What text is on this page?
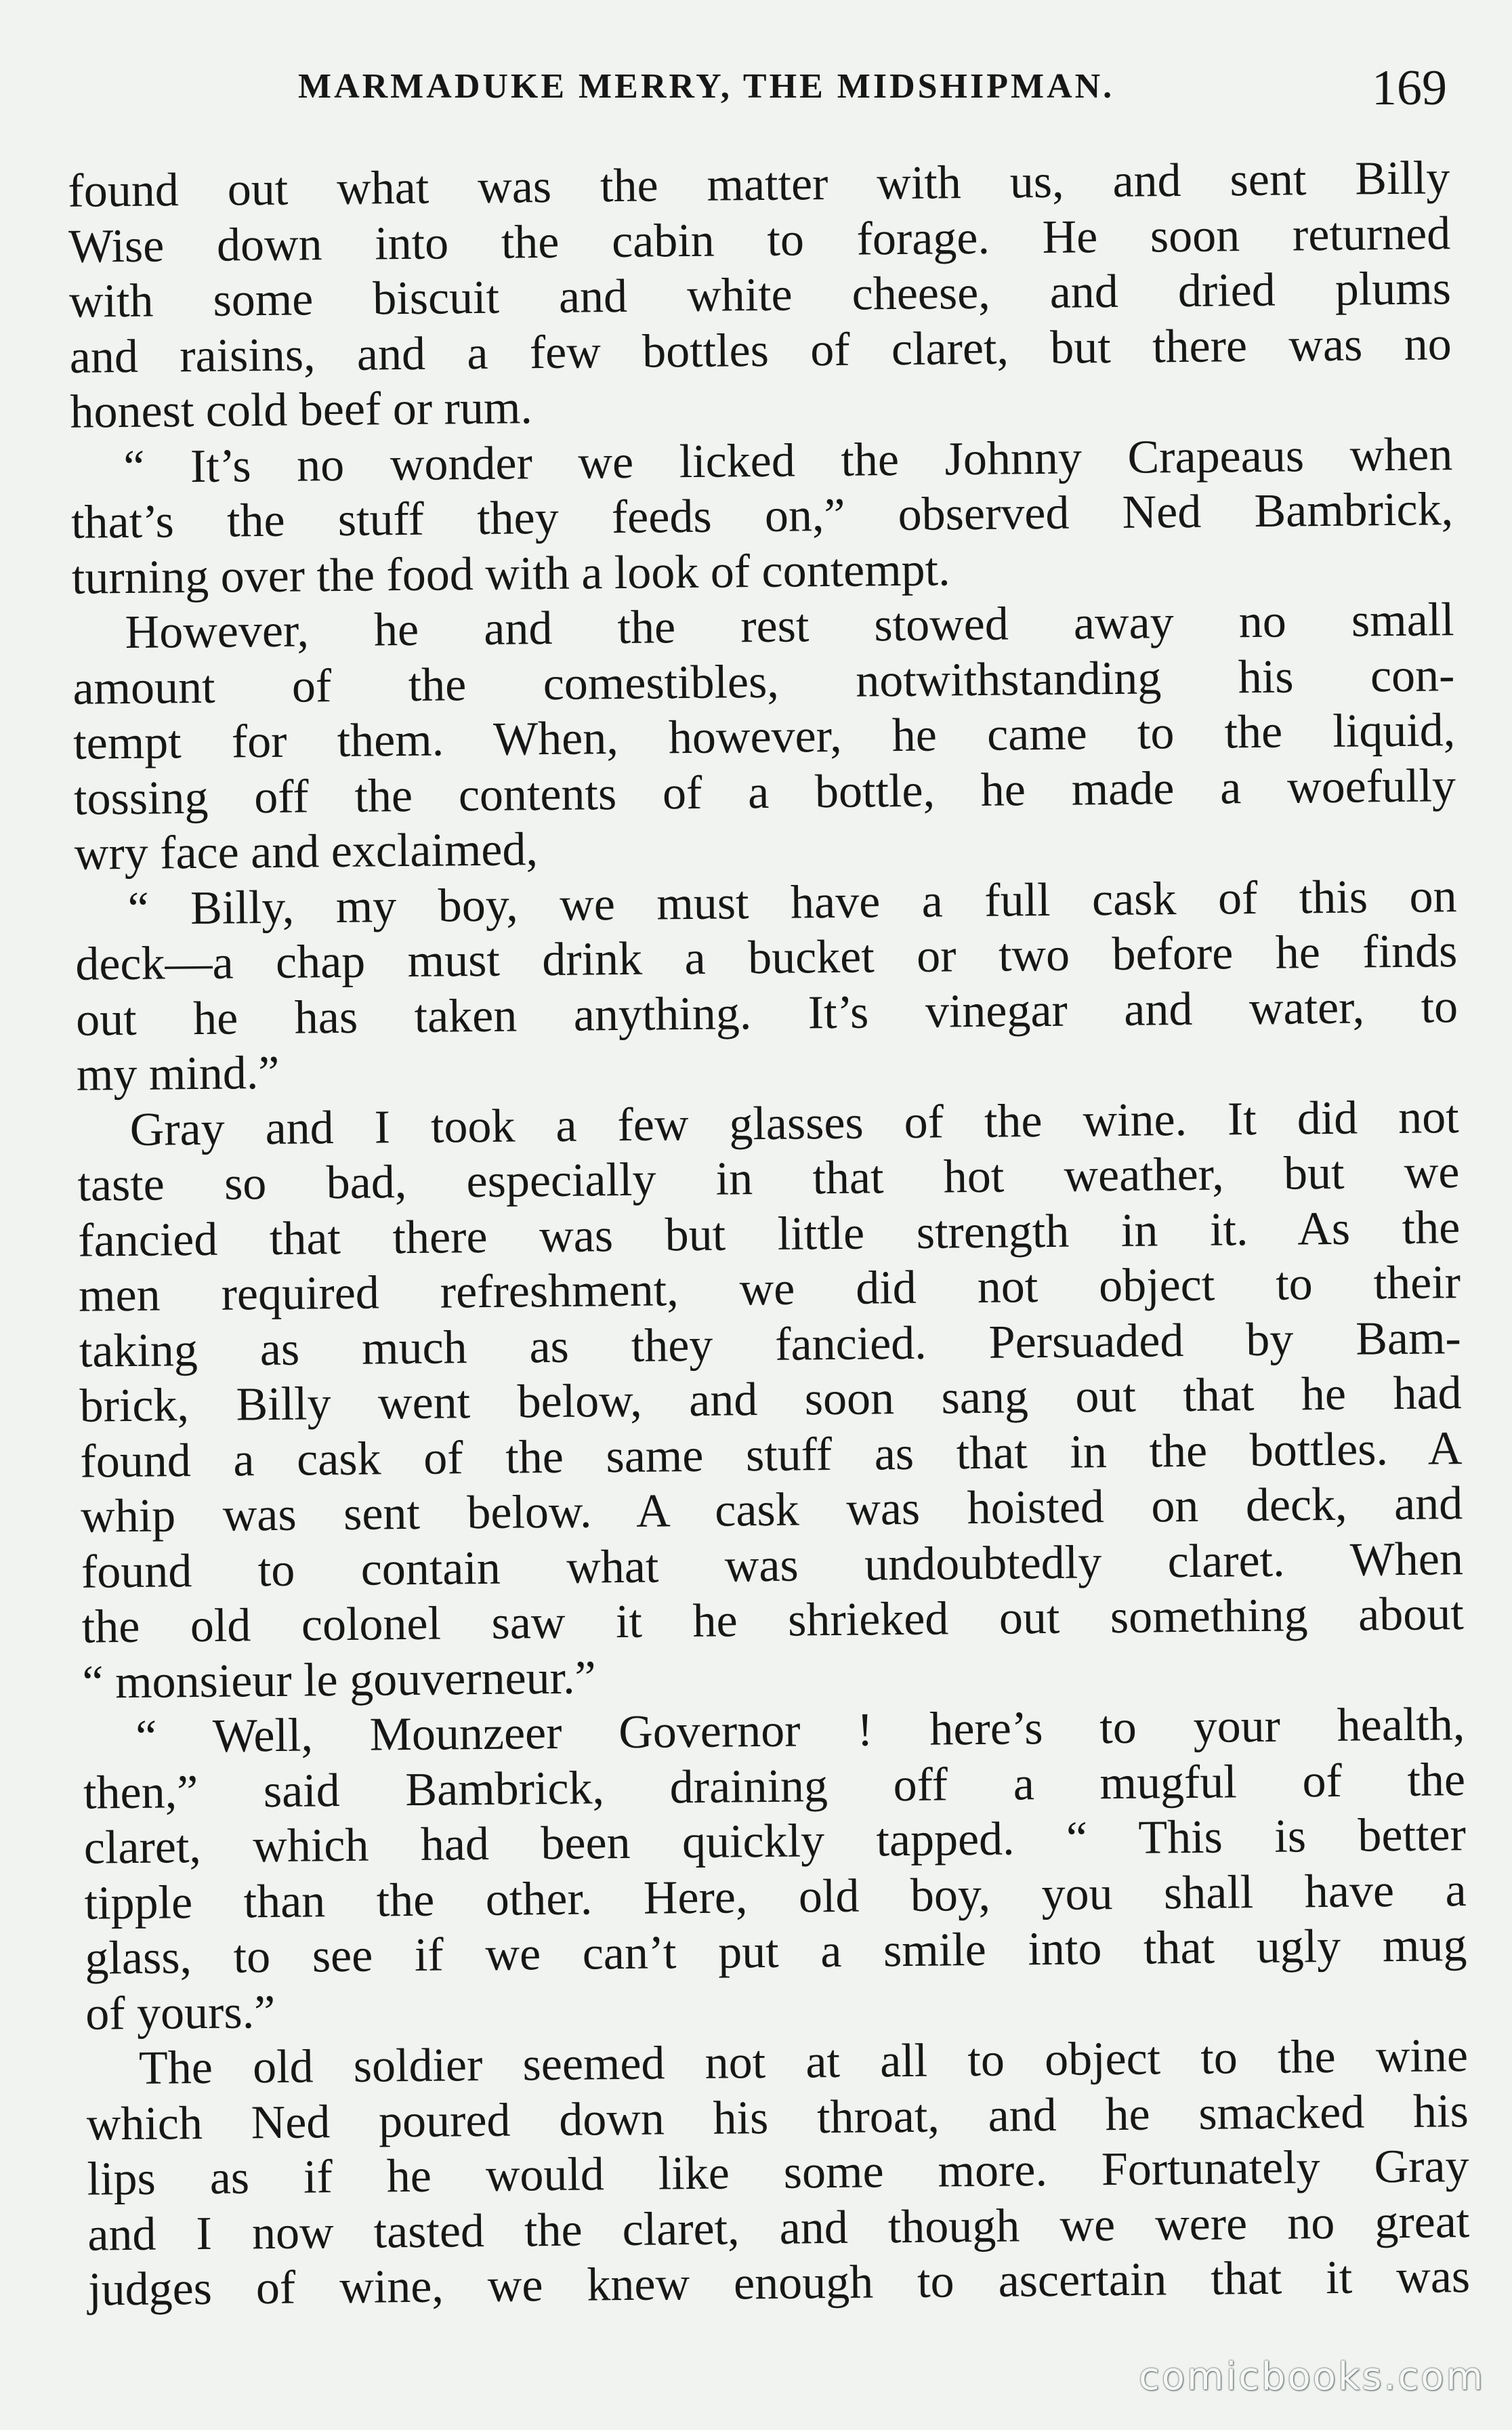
MARMADUKE MERRY, THE MIDSHIPMAN.	169
found out what was the matter with us, and sent Billy
Wise down into the cabin to forage. He soon returned
with some biscuit and white cheese, and dried plums
and raisins, and a few bottles of claret, but there was no
honest cold beef or rum.
“ It’s no wonder we licked the Johnny Crapeaus when
that’s the stuff they feeds on,” observed Ned Bambrick,
turning over the food with a look of contempt.
However, he and the rest stowed away no small
amount of the comestibles, notwithstanding his con-
tempt for them. When, however, he came to the liquid,
tossing off the contents of a bottle, he made a woefully
wry face and exclaimed,
“ Billy, my boy, we must have a full cask of this on
deck—a chap must drink a bucket or two before he finds
out he has taken anything. It’s vinegar and water, to
my mind.”
Gray and I took a few glasses of the wine. It did not
taste so bad, especially in that hot weather, but we
fancied that there was but little strength in it. As the
men required refreshment, we did not object to their
taking as much as they fancied. Persuaded by Bam-
brick, Billy went below, and soon sang out that he had
found a cask of the same stuff as that in the bottles. A
whip was sent below. A cask was hoisted on deck, and
found to contain what was undoubtedly claret. When
the old colonel saw it he shrieked out something about
“ monsieur le gouverneur.”
“ Well, Mounzeer Governor ! here’s to your health,
then,” said Bambrick, draining off a mugful of the
claret, which had been quickly tapped. “ This is better
tipple than the other. Here, old boy, you shall have a
glass, to see if we can’t put a smile into that ugly mug
of yours.”
The old soldier seemed not at all to object to the wine
which Ned poured down his throat, and he smacked his
lips as if he would like some more. Fortunately Gray
and I now tasted the claret, and though we were no great
judges of wine, we knew enough to ascertain that it was
comicbooks.com
